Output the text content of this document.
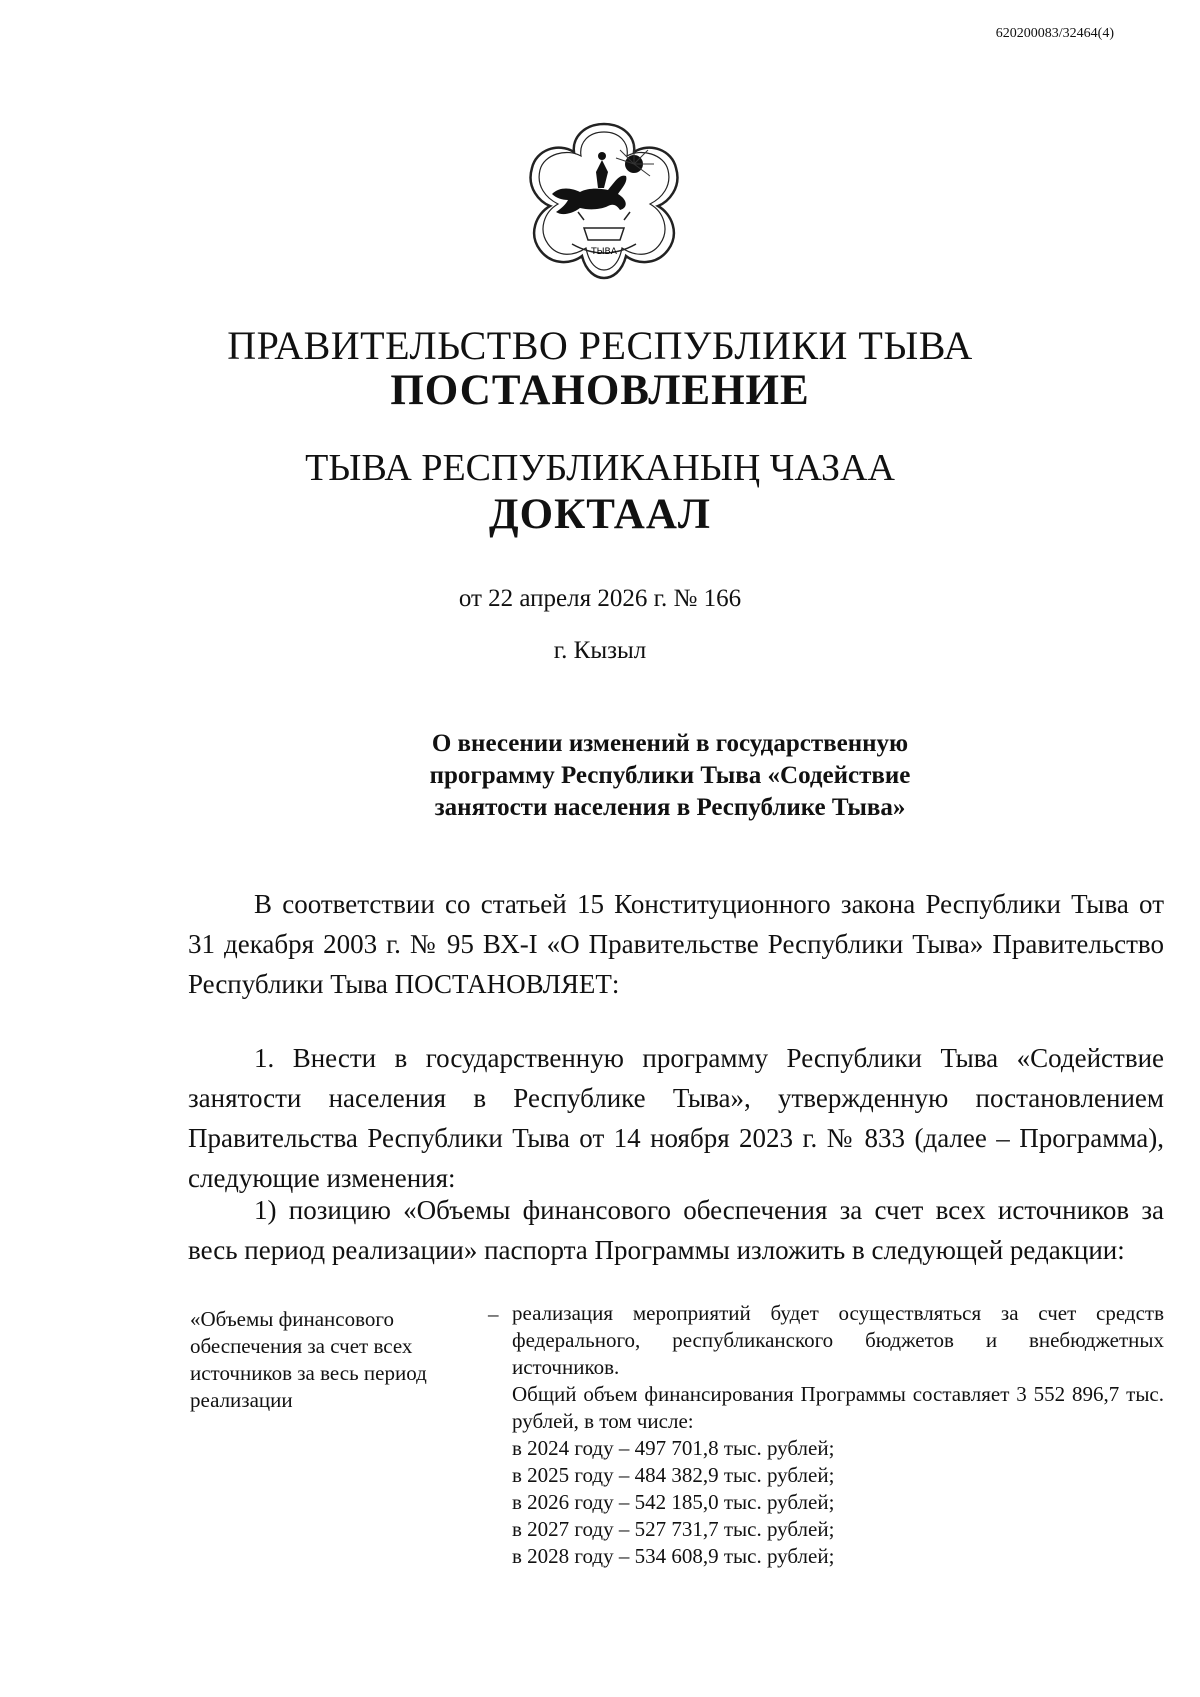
620200083/32464(4)
ТЫВА
ПРАВИТЕЛЬСТВО РЕСПУБЛИКИ ТЫВА
ПОСТАНОВЛЕНИЕ
ТЫВА РЕСПУБЛИКАНЫҢ ЧАЗАА
ДОКТААЛ
от 22 апреля 2026 г. № 166
г. Кызыл
О внесении изменений в государственную программу Республики Тыва «Содействие занятости населения в Республике Тыва»
В соответствии со статьей 15 Конституционного закона Республики Тыва от 31 декабря 2003 г. № 95 ВХ-I «О Правительстве Республики Тыва» Правительство Республики Тыва ПОСТАНОВЛЯЕТ:
1. Внести в государственную программу Республики Тыва «Содействие занятости населения в Республике Тыва», утвержденную постановлением Правительства Республики Тыва от 14 ноября 2023 г. № 833 (далее – Программа), следующие изменения:
1) позицию «Объемы финансового обеспечения за счет всех источников за весь период реализации» паспорта Программы изложить в следующей редакции:
«Объемы финансового обеспечения за счет всех источников за весь период реализации
– реализация мероприятий будет осуществляться за счет средств федерального, республиканского бюджетов и внебюджетных источников.

Общий объем финансирования Программы составляет 3 552 896,7 тыс. рублей, в том числе:

в 2024 году – 497 701,8 тыс. рублей;
в 2025 году – 484 382,9 тыс. рублей;
в 2026 году – 542 185,0 тыс. рублей;
в 2027 году – 527 731,7 тыс. рублей;
в 2028 году – 534 608,9 тыс. рублей;
